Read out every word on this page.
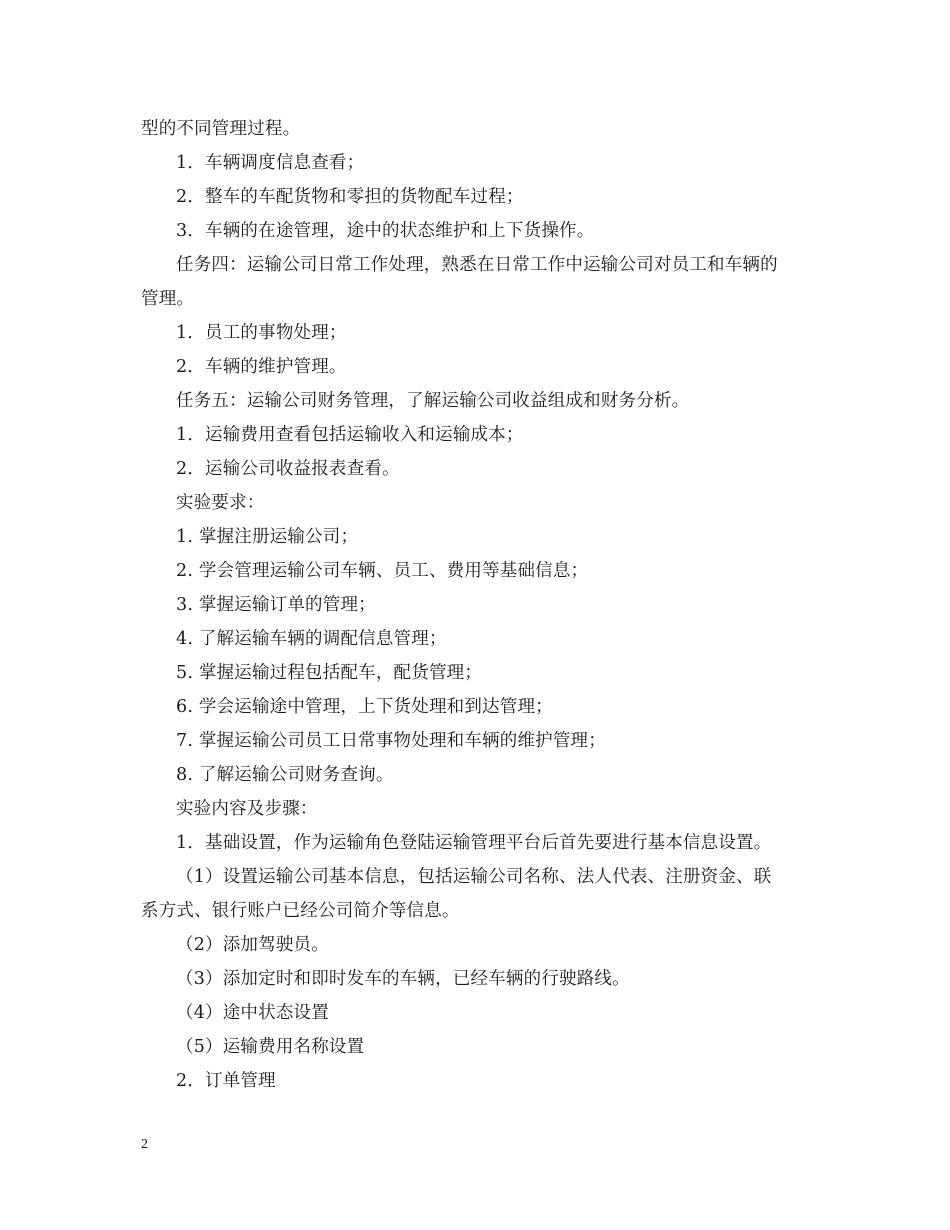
型的不同管理过程。
1．车辆调度信息查看；
2．整车的车配货物和零担的货物配车过程；
3．车辆的在途管理，途中的状态维护和上下货操作。
任务四：运输公司日常工作处理，熟悉在日常工作中运输公司对员工和车辆的
管理。
1．员工的事物处理；
2．车辆的维护管理。
任务五：运输公司财务管理，了解运输公司收益组成和财务分析。
1．运输费用查看包括运输收入和运输成本；
2．运输公司收益报表查看。
实验要求：
1. 掌握注册运输公司；
2. 学会管理运输公司车辆、员工、费用等基础信息；
3. 掌握运输订单的管理；
4. 了解运输车辆的调配信息管理；
5. 掌握运输过程包括配车，配货管理；
6. 学会运输途中管理，上下货处理和到达管理；
7. 掌握运输公司员工日常事物处理和车辆的维护管理；
8. 了解运输公司财务查询。
实验内容及步骤：
1．基础设置，作为运输角色登陆运输管理平台后首先要进行基本信息设置。
（1）设置运输公司基本信息，包括运输公司名称、法人代表、注册资金、联
系方式、银行账户已经公司简介等信息。
（2）添加驾驶员。
（3）添加定时和即时发车的车辆，已经车辆的行驶路线。
（4）途中状态设置
（5）运输费用名称设置
2．订单管理
2
